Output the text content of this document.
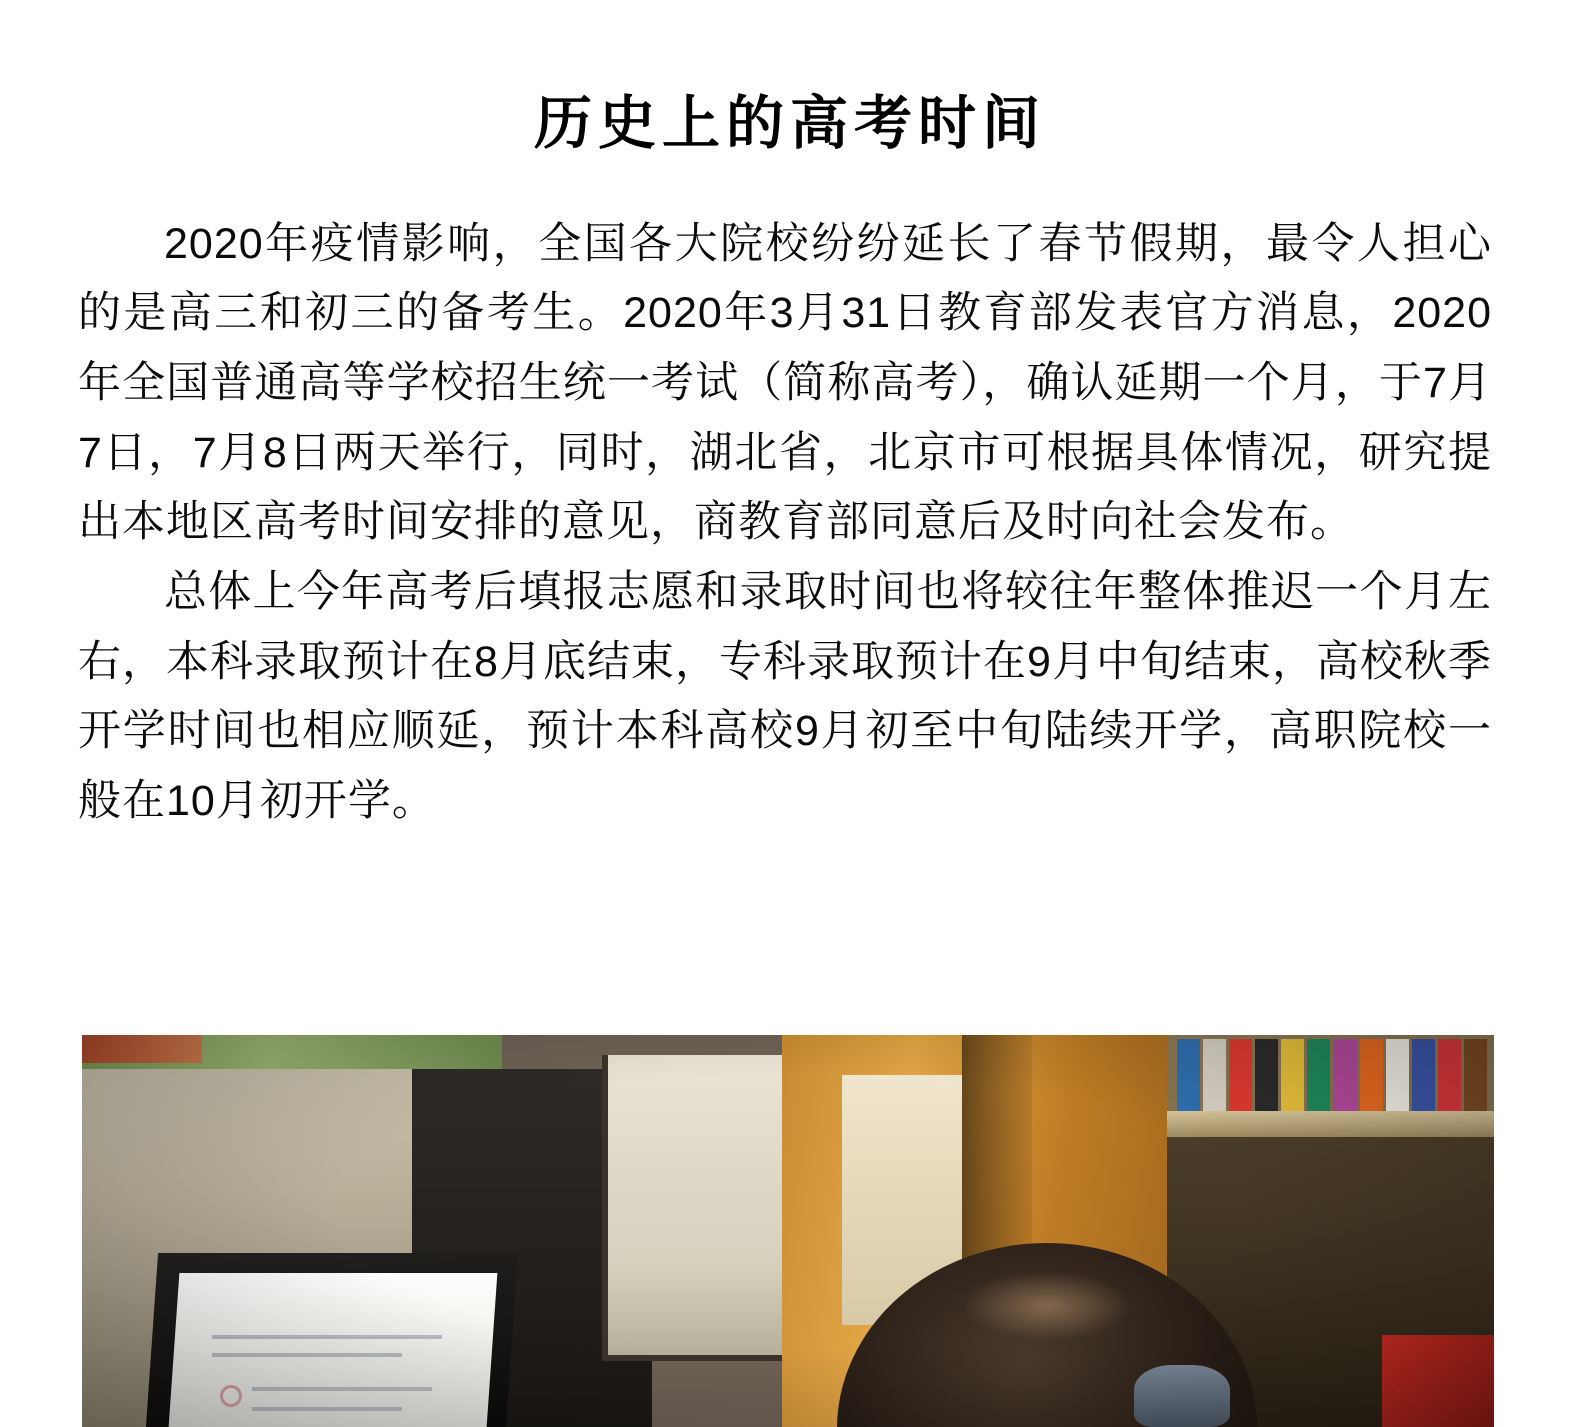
历史上的高考时间

2020年疫情影响，全国各大院校纷纷延长了春节假期，最令人担心的是高三和初三的备考生。2020年3月31日教育部发表官方消息，2020年全国普通高等学校招生统一考试（简称高考），确认延期一个月，于7月7日，7月8日两天举行，同时，湖北省，北京市可根据具体情况，研究提出本地区高考时间安排的意见，商教育部同意后及时向社会发布。

总体上今年高考后填报志愿和录取时间也将较往年整体推迟一个月左右，本科录取预计在8月底结束，专科录取预计在9月中旬结束，高校秋季开学时间也相应顺延，预计本科高校9月初至中旬陆续开学，高职院校一般在10月初开学。
